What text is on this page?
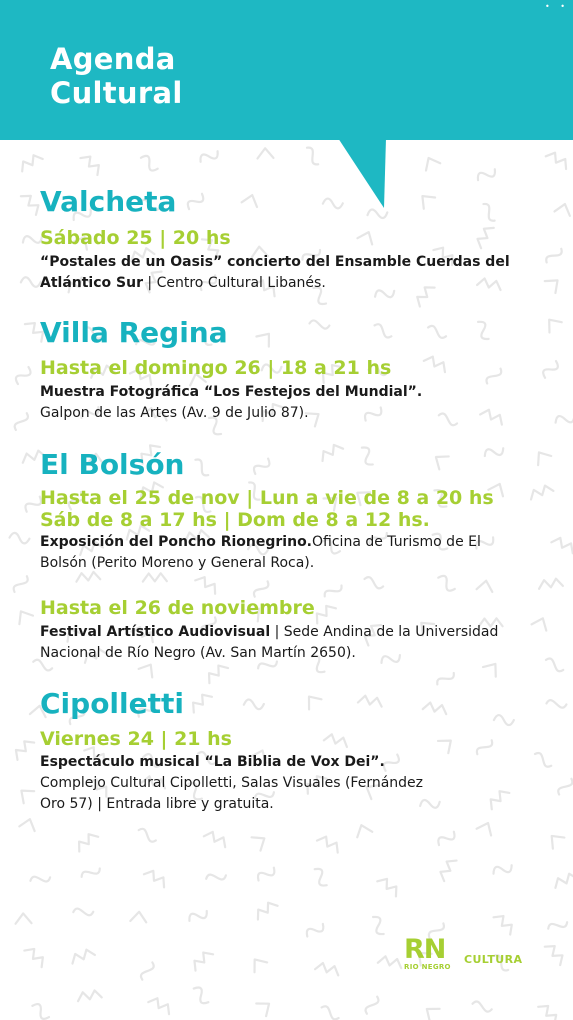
• •
Agenda
Cultural
Valcheta
Sábado 25 | 20 hs
“Postales de un Oasis” concierto del Ensamble Cuerdas del Atlántico Sur | Centro Cultural Libanés.
Villa Regina
Hasta el domingo 26 | 18 a 21 hs
Muestra Fotográfica “Los Festejos del Mundial”.
Galpon de las Artes (Av. 9 de Julio 87).
El Bolsón
Hasta el 25 de nov | Lun a vie de 8 a 20 hs
Sáb de 8 a 17 hs | Dom de 8 a 12 hs.
Exposición del Poncho Rionegrino.Oficina de Turismo de El Bolsón (Perito Moreno y General Roca).
Hasta el 26 de noviembre
Festival Artístico Audiovisual | Sede Andina de la Universidad Nacional de Río Negro (Av. San Martín 2650).
Cipolletti
Viernes 24 | 21 hs
Espectáculo musical “La Biblia de Vox Dei”.
Complejo Cultural Cipolletti, Salas Visuales (Fernández Oro 57) | Entrada libre y gratuita.
RN
RIO NEGRO
CULTURA
